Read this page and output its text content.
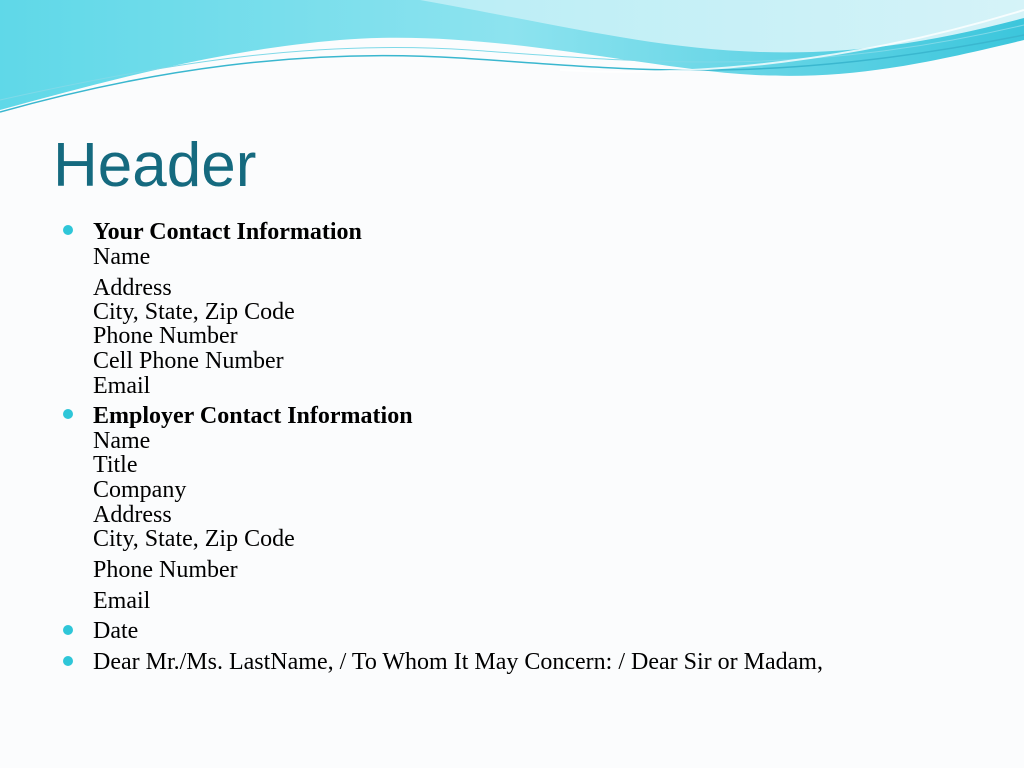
Header
Your Contact Information
Name
Address
City, State, Zip Code
Phone Number
Cell Phone Number
Email
Employer Contact Information
Name
Title
Company
Address
City, State, Zip Code
Phone Number
Email
Date
Dear Mr./Ms. LastName, / To Whom It May Concern: / Dear Sir or Madam,
